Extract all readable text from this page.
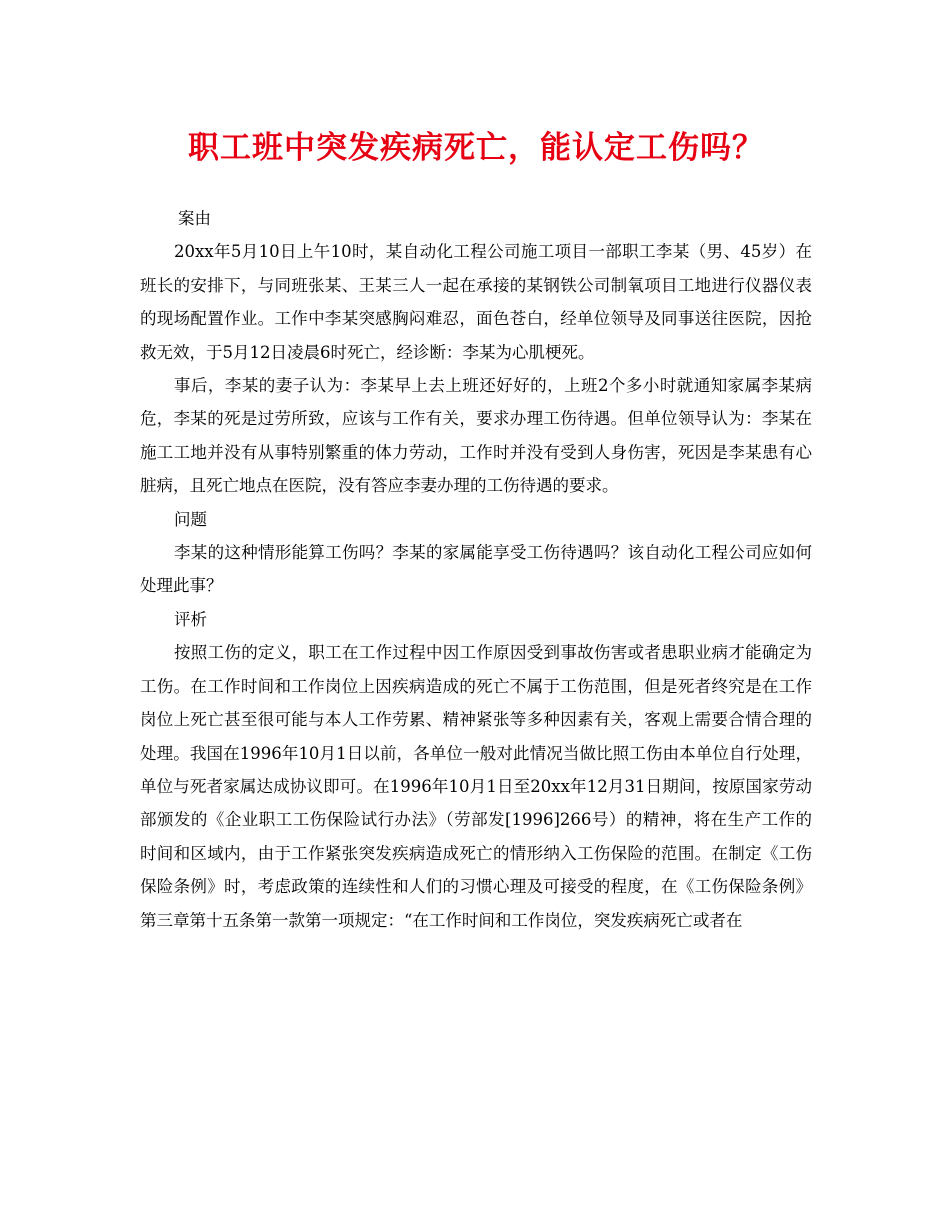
职工班中突发疾病死亡，能认定工伤吗？

案由

20xx年5月10日上午10时，某自动化工程公司施工项目一部职工李某（男、45岁）在班长的安排下，与同班张某、王某三人一起在承接的某钢铁公司制氧项目工地进行仪器仪表的现场配置作业。工作中李某突感胸闷难忍，面色苍白，经单位领导及同事送往医院，因抢救无效，于5月12日凌晨6时死亡，经诊断：李某为心肌梗死。

事后，李某的妻子认为：李某早上去上班还好好的，上班2个多小时就通知家属李某病危，李某的死是过劳所致，应该与工作有关，要求办理工伤待遇。但单位领导认为：李某在施工工地并没有从事特别繁重的体力劳动，工作时并没有受到人身伤害，死因是李某患有心脏病，且死亡地点在医院，没有答应李妻办理的工伤待遇的要求。

问题

李某的这种情形能算工伤吗？李某的家属能享受工伤待遇吗？该自动化工程公司应如何处理此事？

评析

按照工伤的定义，职工在工作过程中因工作原因受到事故伤害或者患职业病才能确定为工伤。在工作时间和工作岗位上因疾病造成的死亡不属于工伤范围，但是死者终究是在工作岗位上死亡甚至很可能与本人工作劳累、精神紧张等多种因素有关，客观上需要合情合理的处理。我国在1996年10月1日以前，各单位一般对此情况当做比照工伤由本单位自行处理，单位与死者家属达成协议即可。在1996年10月1日至20xx年12月31日期间，按原国家劳动部颁发的《企业职工工伤保险试行办法》（劳部发[1996]266号）的精神，将在生产工作的时间和区域内，由于工作紧张突发疾病造成死亡的情形纳入工伤保险的范围。在制定《工伤保险条例》时，考虑政策的连续性和人们的习惯心理及可接受的程度，在《工伤保险条例》第三章第十五条第一款第一项规定：“在工作时间和工作岗位，突发疾病死亡或者在
